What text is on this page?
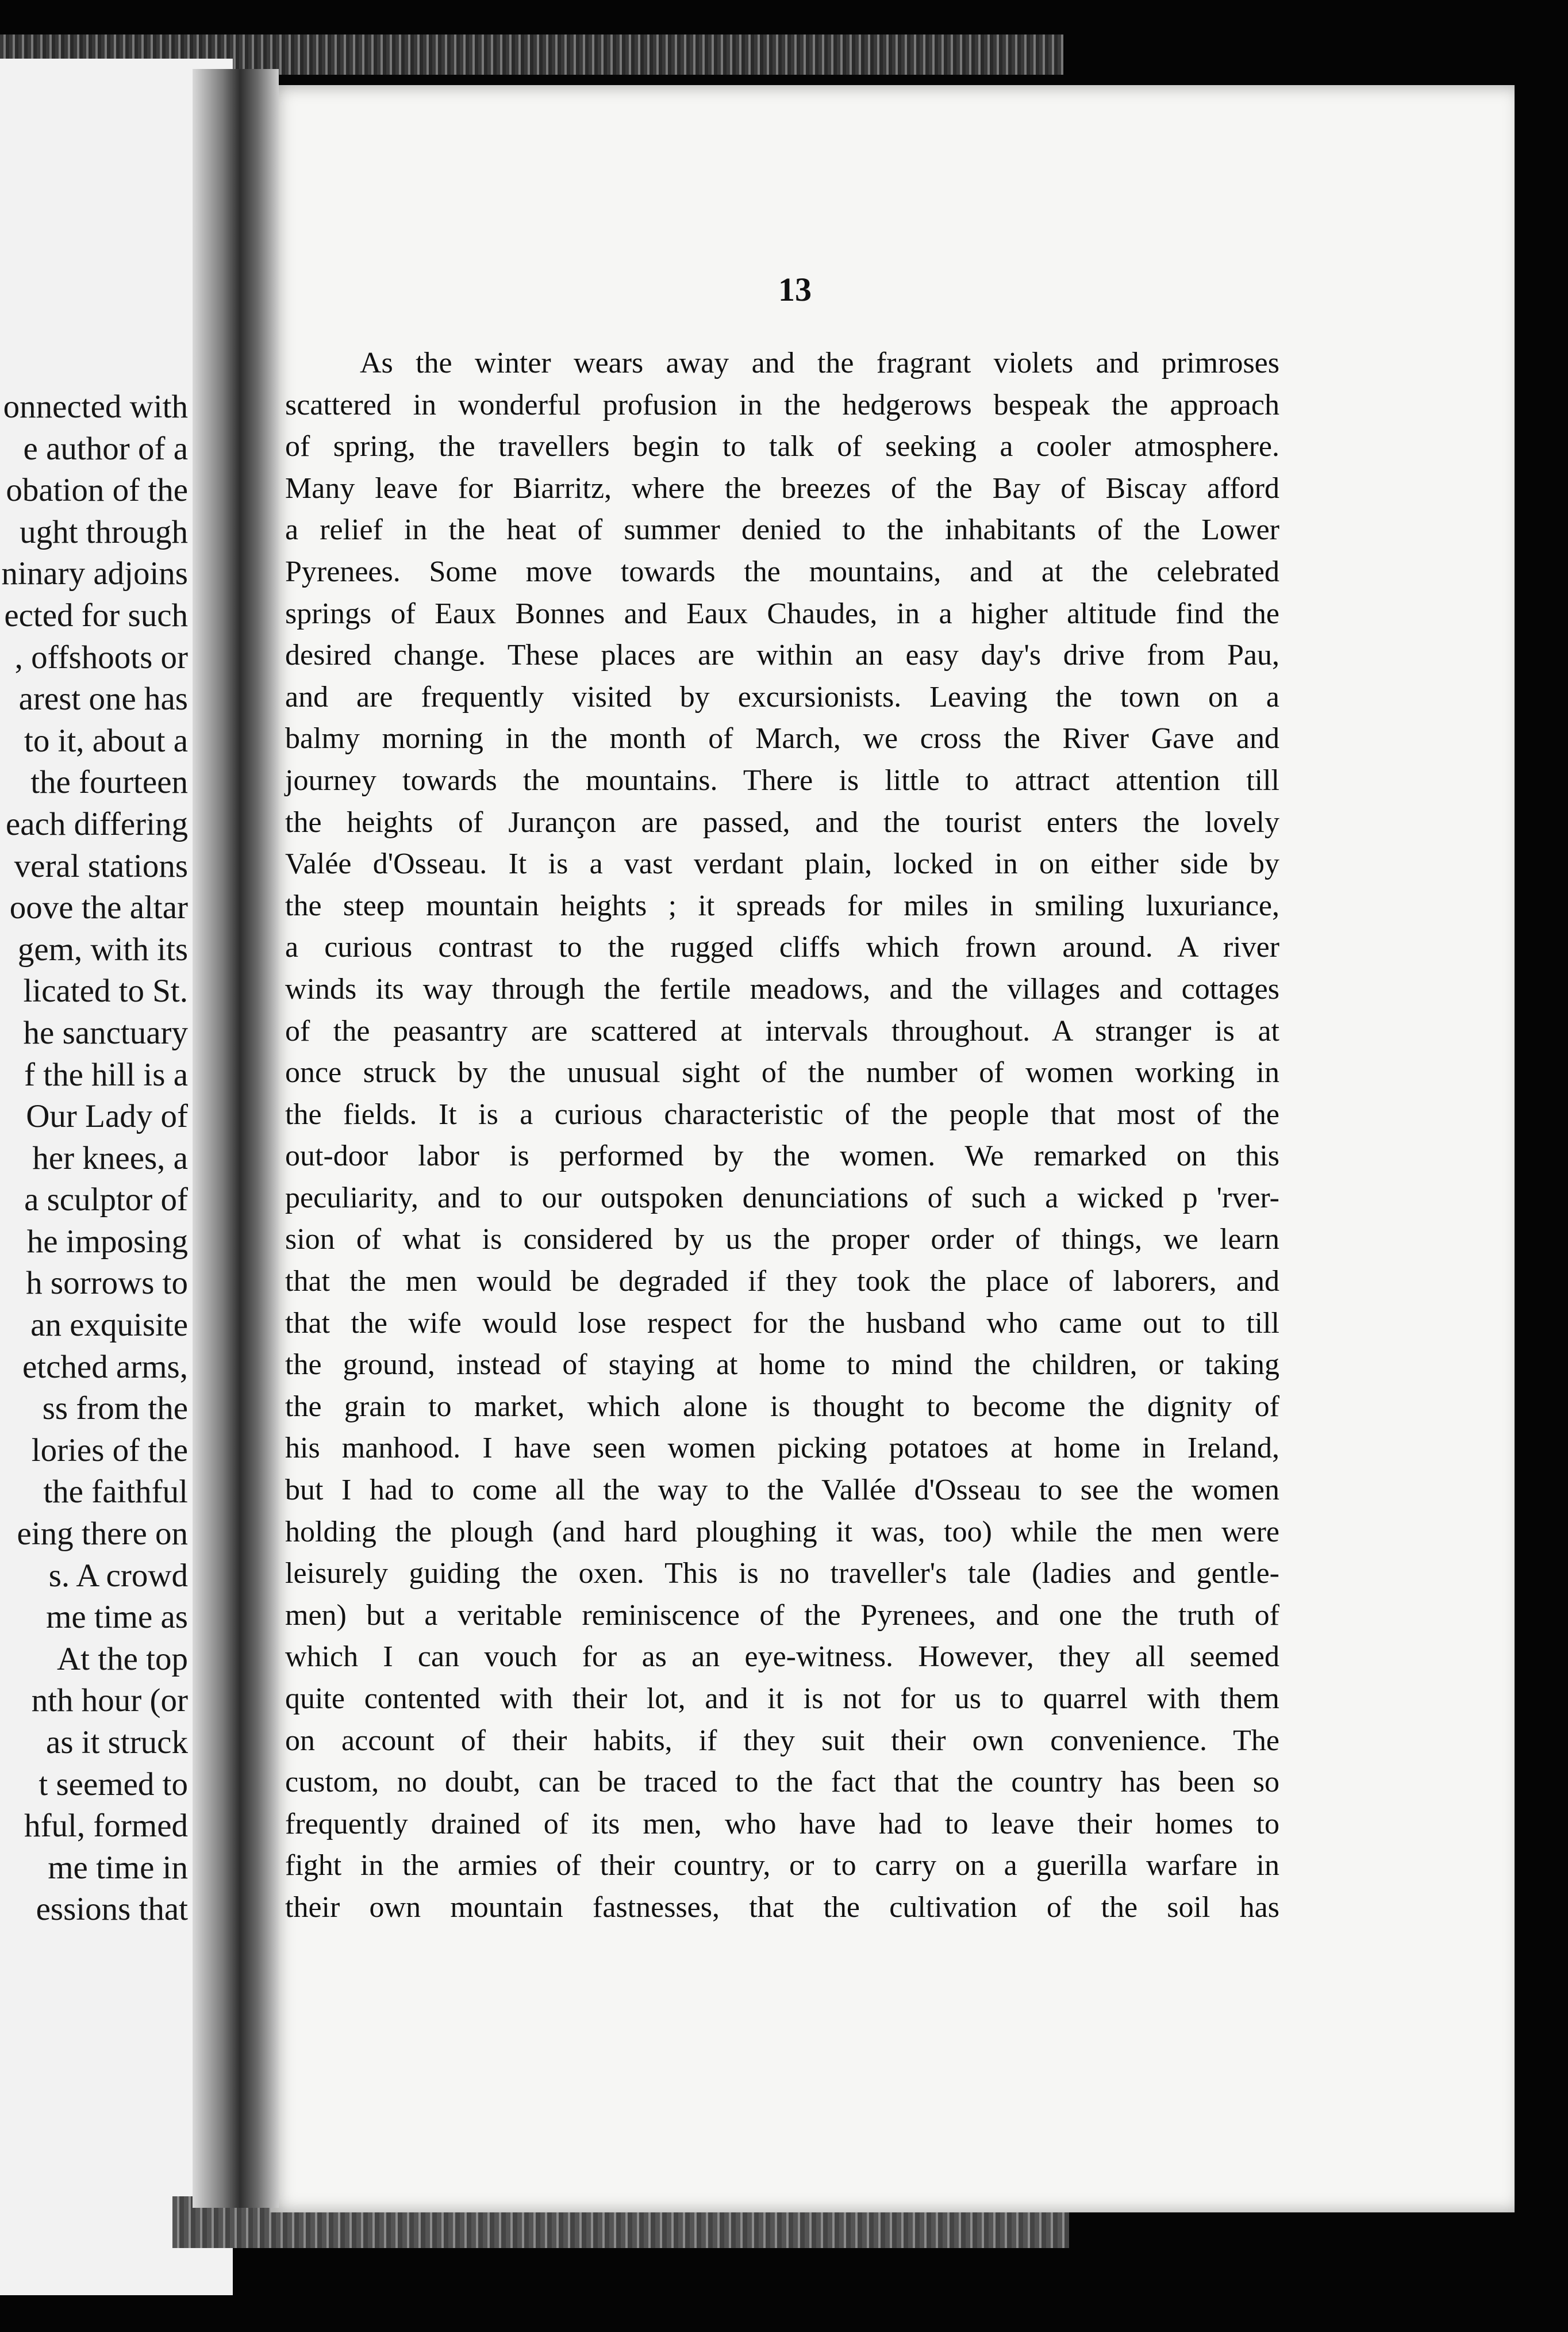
onnected with
e author of a
obation of the
ught through
ninary adjoins
ected for such
, offshoots or
arest one has
to it, about a
the fourteen
each differing
veral stations
oove the altar
gem, with its
licated to St.
he sanctuary
f the hill is a
Our Lady of
her knees, a
a sculptor of
he imposing
h sorrows to
an exquisite
etched arms,
ss from the
lories of the
the faithful
eing there on
s. A crowd
me time as
At the top
nth hour (or
as it struck
t seemed to
hful, formed
me time in
essions that
13
As the winter wears away and the fragrant violets and primroses
scattered in wonderful profusion in the hedgerows bespeak the approach
of spring, the travellers begin to talk of seeking a cooler atmosphere.
Many leave for Biarritz, where the breezes of the Bay of Biscay afford
a relief in the heat of summer denied to the inhabitants of the Lower
Pyrenees. Some move towards the mountains, and at the celebrated
springs of Eaux Bonnes and Eaux Chaudes, in a higher altitude find the
desired change. These places are within an easy day's drive from Pau,
and are frequently visited by excursionists. Leaving the town on a
balmy morning in the month of March, we cross the River Gave and
journey towards the mountains. There is little to attract attention till
the heights of Jurançon are passed, and the tourist enters the lovely
Valée d'Osseau. It is a vast verdant plain, locked in on either side by
the steep mountain heights ; it spreads for miles in smiling luxuriance,
a curious contrast to the rugged cliffs which frown around. A river
winds its way through the fertile meadows, and the villages and cottages
of the peasantry are scattered at intervals throughout. A stranger is at
once struck by the unusual sight of the number of women working in
the fields. It is a curious characteristic of the people that most of the
out-door labor is performed by the women. We remarked on this
peculiarity, and to our outspoken denunciations of such a wicked p 'rver-
sion of what is considered by us the proper order of things, we learn
that the men would be degraded if they took the place of laborers, and
that the wife would lose respect for the husband who came out to till
the ground, instead of staying at home to mind the children, or taking
the grain to market, which alone is thought to become the dignity of
his manhood. I have seen women picking potatoes at home in Ireland,
but I had to come all the way to the Vallée d'Osseau to see the women
holding the plough (and hard ploughing it was, too) while the men were
leisurely guiding the oxen. This is no traveller's tale (ladies and gentle-
men) but a veritable reminiscence of the Pyrenees, and one the truth of
which I can vouch for as an eye-witness. However, they all seemed
quite contented with their lot, and it is not for us to quarrel with them
on account of their habits, if they suit their own convenience. The
custom, no doubt, can be traced to the fact that the country has been so
frequently drained of its men, who have had to leave their homes to
fight in the armies of their country, or to carry on a guerilla warfare in
their own mountain fastnesses, that the cultivation of the soil has
